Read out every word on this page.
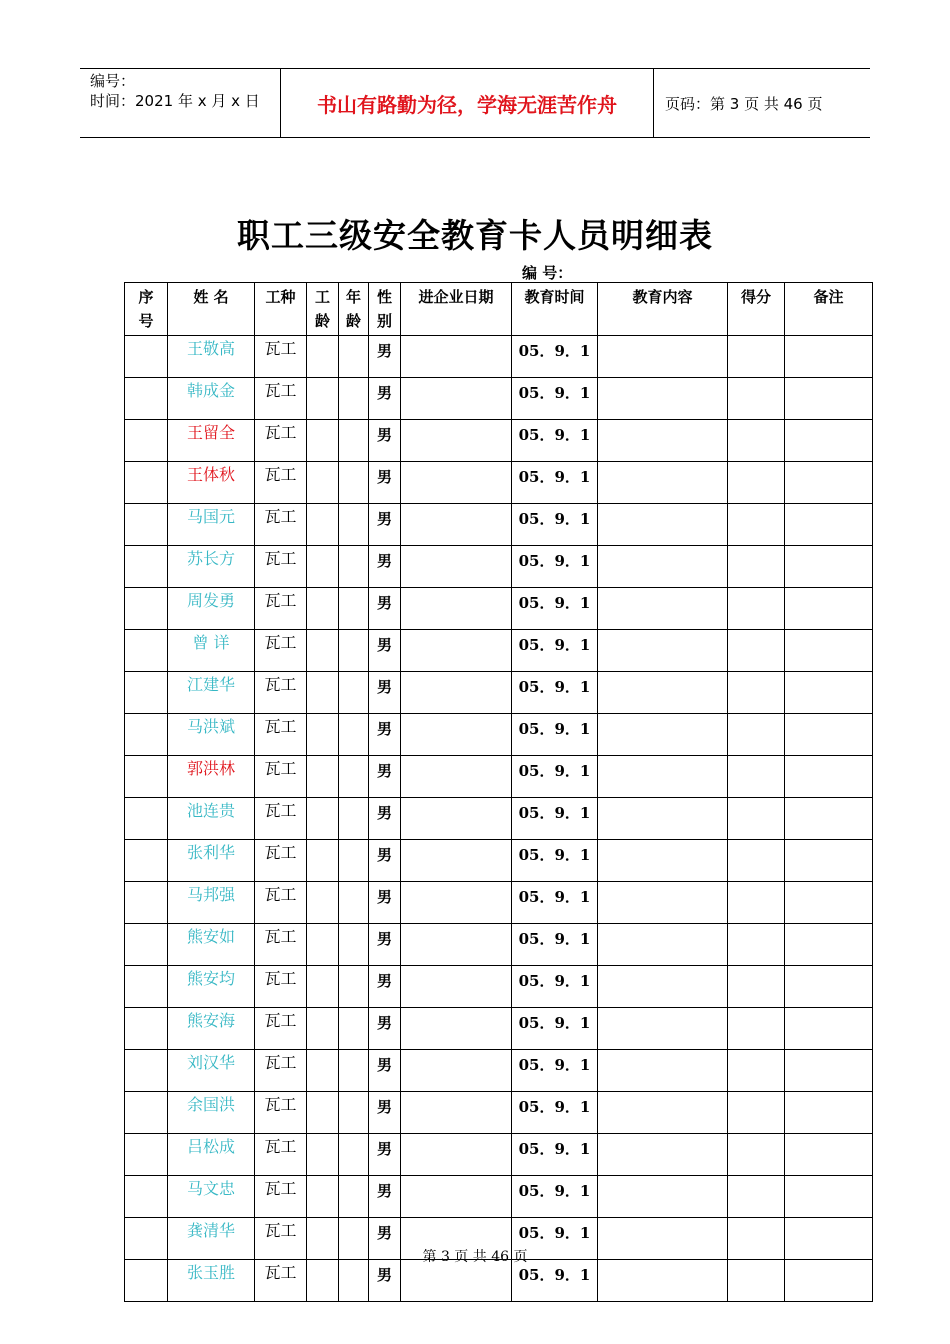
编号：
时间：2021 年 x 月 x 日	书山有路勤为径，学海无涯苦作舟	页码：第 3 页 共 46 页
职工三级安全教育卡人员明细表
编 号：
序号	姓 名	工种	工龄	年龄	性别	进企业日期	教育时间	教育内容	得分	备注
	王敬高	瓦工			男		05．9．1			
	韩成金	瓦工			男		05．9．1			
	王留全	瓦工			男		05．9．1			
	王体秋	瓦工			男		05．9．1			
	马国元	瓦工			男		05．9．1			
	苏长方	瓦工			男		05．9．1			
	周发勇	瓦工			男		05．9．1			
	曾 详	瓦工			男		05．9．1			
	江建华	瓦工			男		05．9．1			
	马洪斌	瓦工			男		05．9．1			
	郭洪林	瓦工			男		05．9．1			
	池连贵	瓦工			男		05．9．1			
	张利华	瓦工			男		05．9．1			
	马邦强	瓦工			男		05．9．1			
	熊安如	瓦工			男		05．9．1			
	熊安均	瓦工			男		05．9．1			
	熊安海	瓦工			男		05．9．1			
	刘汉华	瓦工			男		05．9．1			
	余国洪	瓦工			男		05．9．1			
	吕松成	瓦工			男		05．9．1			
	马文忠	瓦工			男		05．9．1			
	龚清华	瓦工			男		05．9．1			
	张玉胜	瓦工			男		05．9．1			
第 3 页 共 46 页
